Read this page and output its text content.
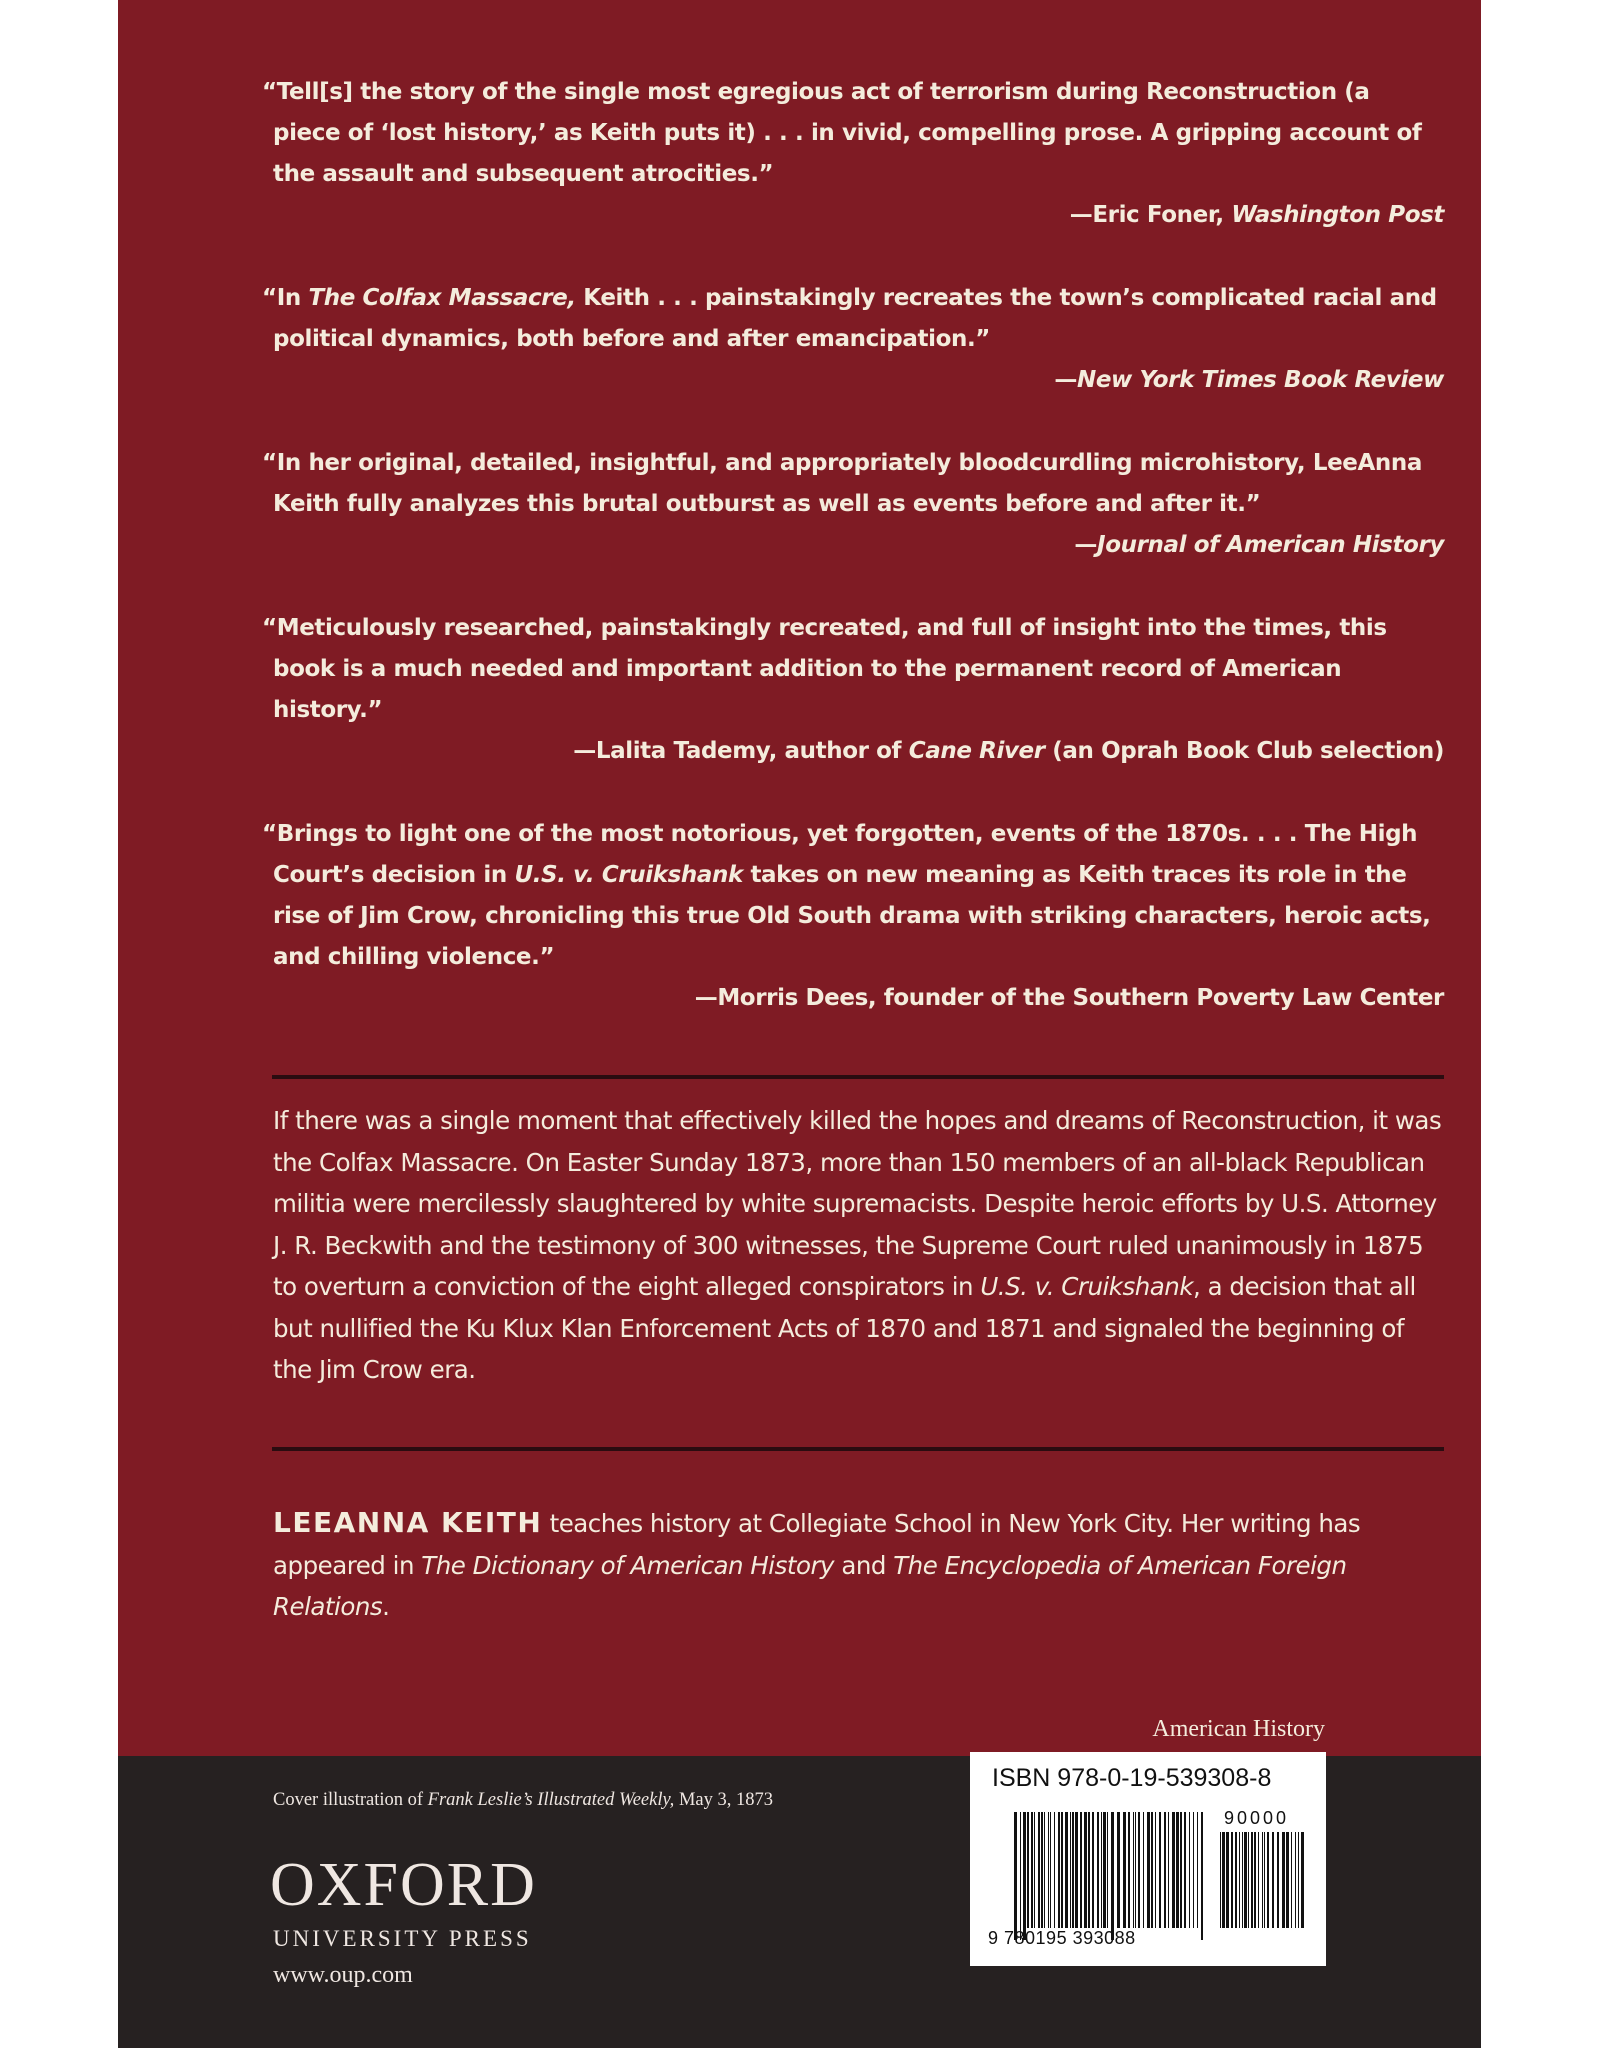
“Tell[s] the story of the single most egregious act of terrorism during Reconstruction (a piece of ‘lost history,’ as Keith puts it) . . . in vivid, compelling prose. A gripping account of the assault and subsequent atrocities.”
—Eric Foner, Washington Post
“In The Colfax Massacre, Keith . . . painstakingly recreates the town’s complicated racial and political dynamics, both before and after emancipation.”
—New York Times Book Review
“In her original, detailed, insightful, and appropriately bloodcurdling microhistory, LeeAnna Keith fully analyzes this brutal outburst as well as events before and after it.”
—Journal of American History
“Meticulously researched, painstakingly recreated, and full of insight into the times, this book is a much needed and important addition to the permanent record of American history.”
—Lalita Tademy, author of Cane River (an Oprah Book Club selection)
“Brings to light one of the most notorious, yet forgotten, events of the 1870s. . . . The High Court’s decision in U.S. v. Cruikshank takes on new meaning as Keith traces its role in the rise of Jim Crow, chronicling this true Old South drama with striking characters, heroic acts, and chilling violence.”
—Morris Dees, founder of the Southern Poverty Law Center
If there was a single moment that effectively killed the hopes and dreams of Reconstruction, it was the Colfax Massacre. On Easter Sunday 1873, more than 150 members of an all-black Republican militia were mercilessly slaughtered by white supremacists. Despite heroic efforts by U.S. Attorney J. R. Beckwith and the testimony of 300 witnesses, the Supreme Court ruled unanimously in 1875 to overturn a conviction of the eight alleged conspirators in U.S. v. Cruikshank, a decision that all but nullified the Ku Klux Klan Enforcement Acts of 1870 and 1871 and signaled the beginning of the Jim Crow era.
LEEANNA KEITH teaches history at Collegiate School in New York City. Her writing has appeared in The Dictionary of American History and The Encyclopedia of American Foreign Relations.
American History
Cover illustration of Frank Leslie’s Illustrated Weekly, May 3, 1873
OXFORD
UNIVERSITY PRESS
www.oup.com
ISBN 978-0-19-539308-8
90000
9 780195 393088
